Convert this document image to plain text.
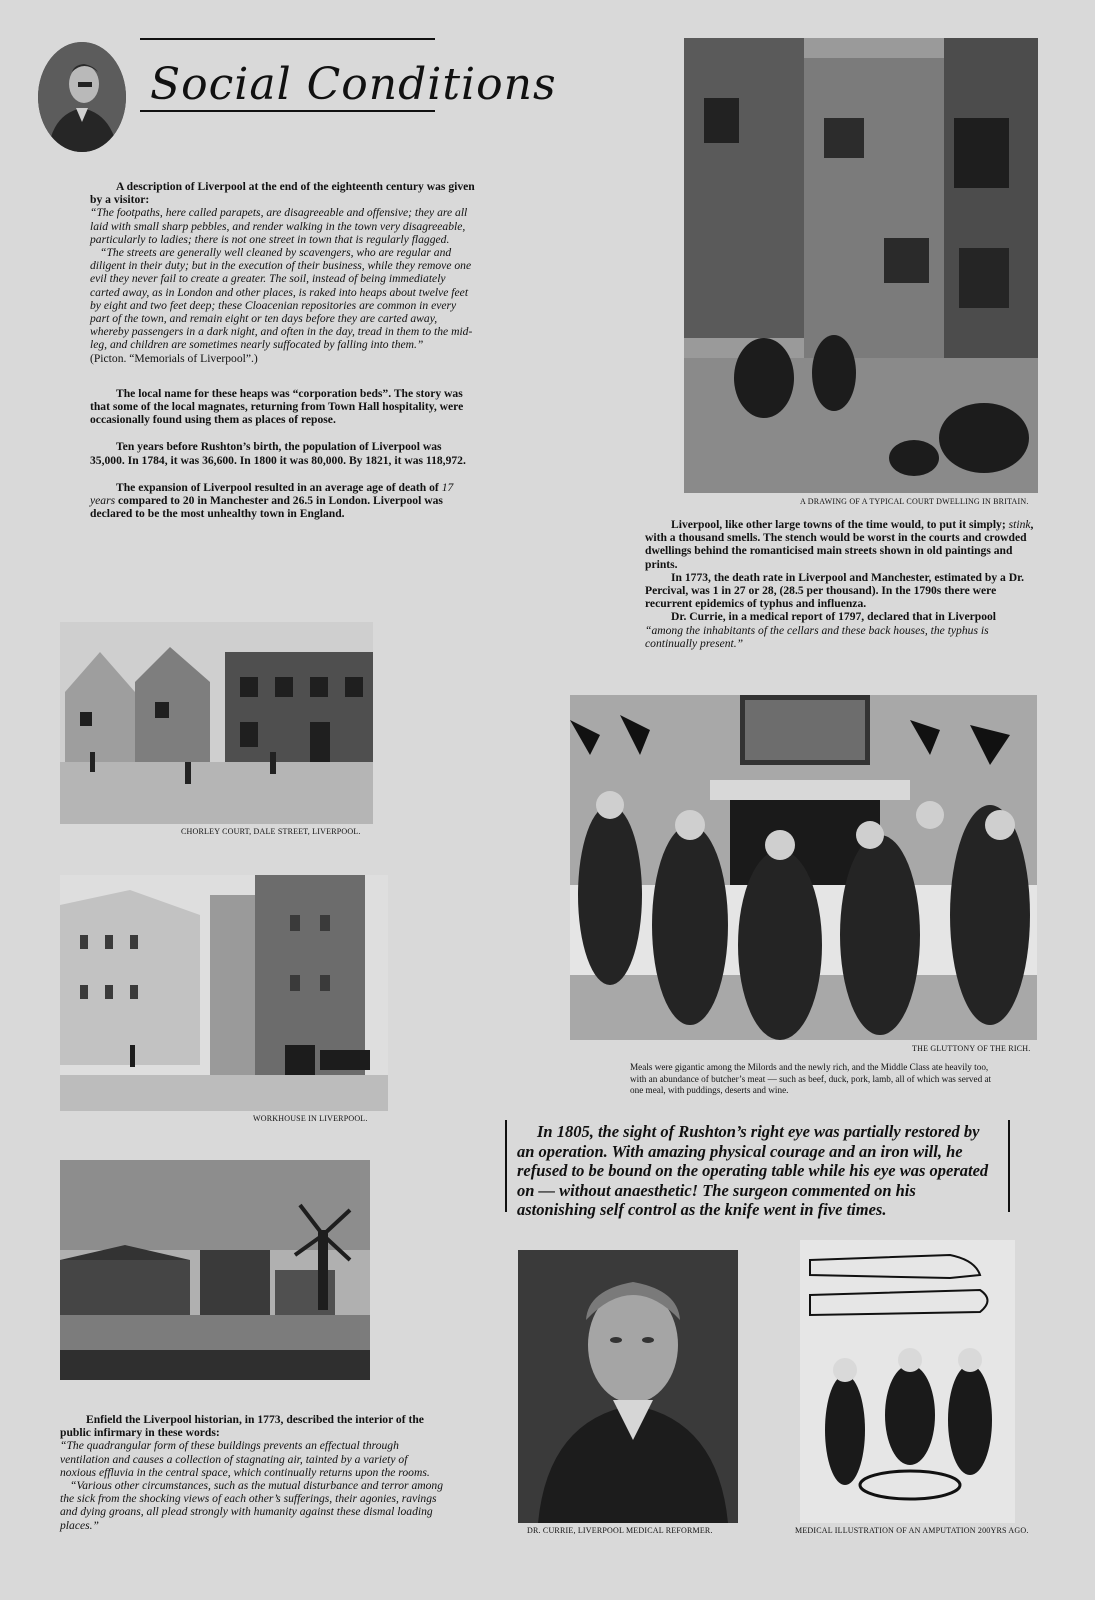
Social Conditions

A description of Liverpool at the end of the eighteenth century was given by a visitor:

“The footpaths, here called parapets, are disagreeable and offensive; they are all laid with small sharp pebbles, and render walking in the town very disagreeable, particularly to ladies; there is not one street in town that is regularly flagged.

“The streets are generally well cleaned by scavengers, who are regular and diligent in their duty; but in the execution of their business, while they remove one evil they never fail to create a greater. The soil, instead of being immediately carted away, as in London and other places, is raked into heaps about twelve feet by eight and two feet deep; these Cloacenian repositories are common in every part of the town, and remain eight or ten days before they are carted away, whereby passengers in a dark night, and often in the day, tread in them to the mid-leg, and children are sometimes nearly suffocated by falling into them.”

(Picton. “Memorials of Liverpool”.)

The local name for these heaps was “corporation beds”. The story was that some of the local magnates, returning from Town Hall hospitality, were occasionally found using them as places of repose.

Ten years before Rushton’s birth, the population of Liverpool was 35,000. In 1784, it was 36,600. In 1800 it was 80,000. By 1821, it was 118,972.

The expansion of Liverpool resulted in an average age of death of 17 years compared to 20 in Manchester and 26.5 in London. Liverpool was declared to be the most unhealthy town in England.

A DRAWING OF A TYPICAL COURT DWELLING IN BRITAIN.

Liverpool, like other large towns of the time would, to put it simply; stink, with a thousand smells. The stench would be worst in the courts and crowded dwellings behind the romanticised main streets shown in old paintings and prints.

In 1773, the death rate in Liverpool and Manchester, estimated by a Dr. Percival, was 1 in 27 or 28, (28.5 per thousand). In the 1790s there were recurrent epidemics of typhus and influenza.

Dr. Currie, in a medical report of 1797, declared that in Liverpool

“among the inhabitants of the cellars and these back houses, the typhus is continually present.”

CHORLEY COURT, DALE STREET, LIVERPOOL.
THE GLUTTONY OF THE RICH.
Meals were gigantic among the Milords and the newly rich, and the Middle Class ate heavily too, with an abundance of butcher’s meat — such as beef, duck, pork, lamb, all of which was served at one meal, with puddings, deserts and wine.
WORKHOUSE IN LIVERPOOL.
In 1805, the sight of Rushton’s right eye was partially restored by an operation. With amazing physical courage and an iron will, he refused to be bound on the operating table while his eye was operated on — without anaesthetic! The surgeon commented on his astonishing self control as the knife went in five times.

Enfield the Liverpool historian, in 1773, described the interior of the public infirmary in these words:

“The quadrangular form of these buildings prevents an effectual through ventilation and causes a collection of stagnating air, tainted by a variety of noxious effluvia in the central space, which continually returns upon the rooms.

“Various other circumstances, such as the mutual disturbance and terror among the sick from the shocking views of each other’s sufferings, their agonies, ravings and dying groans, all plead strongly with humanity against these dismal loading places.”	DR. CURRIE, LIVERPOOL MEDICAL REFORMER.	MEDICAL ILLUSTRATION OF AN AMPUTATION 200YRS AGO.
